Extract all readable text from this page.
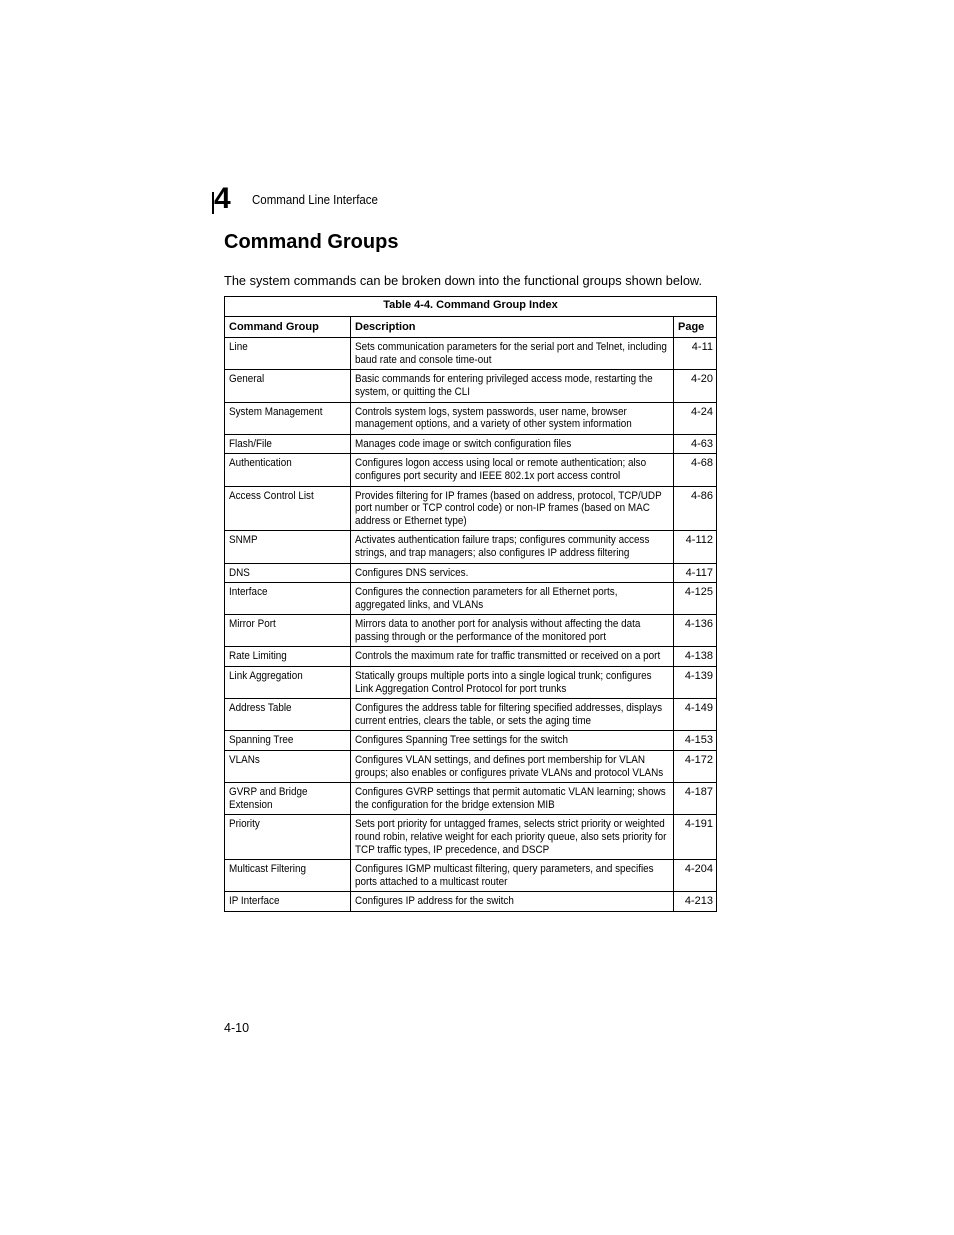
4 Command Line Interface
Command Groups

The system commands can be broken down into the functional groups shown below.

Table 4-4. Command Group Index		
Command Group	Description	Page
Line	Sets communication parameters for the serial port and Telnet, including baud rate and console time-out	4-11
General	Basic commands for entering privileged access mode, restarting the system, or quitting the CLI	4-20
System Management	Controls system logs, system passwords, user name, browser management options, and a variety of other system information	4-24
Flash/File	Manages code image or switch configuration files	4-63
Authentication	Configures logon access using local or remote authentication; also configures port security and IEEE 802.1x port access control	4-68
Access Control List	Provides filtering for IP frames (based on address, protocol, TCP/UDP port number or TCP control code) or non-IP frames (based on MAC address or Ethernet type)	4-86
SNMP	Activates authentication failure traps; configures community access strings, and trap managers; also configures IP address filtering	4-112
DNS	Configures DNS services.	4-117
Interface	Configures the connection parameters for all Ethernet ports, aggregated links, and VLANs	4-125
Mirror Port	Mirrors data to another port for analysis without affecting the data passing through or the performance of the monitored port	4-136
Rate Limiting	Controls the maximum rate for traffic transmitted or received on a port	4-138
Link Aggregation	Statically groups multiple ports into a single logical trunk; configures Link Aggregation Control Protocol for port trunks	4-139
Address Table	Configures the address table for filtering specified addresses, displays current entries, clears the table, or sets the aging time	4-149
Spanning Tree	Configures Spanning Tree settings for the switch	4-153
VLANs	Configures VLAN settings, and defines port membership for VLAN groups; also enables or configures private VLANs and protocol VLANs	4-172
GVRP and Bridge Extension	Configures GVRP settings that permit automatic VLAN learning; shows the configuration for the bridge extension MIB	4-187
Priority	Sets port priority for untagged frames, selects strict priority or weighted round robin, relative weight for each priority queue, also sets priority for TCP traffic types, IP precedence, and DSCP	4-191
Multicast Filtering	Configures IGMP multicast filtering, query parameters, and specifies ports attached to a multicast router	4-204
IP Interface	Configures IP address for the switch	4-213
4-10
